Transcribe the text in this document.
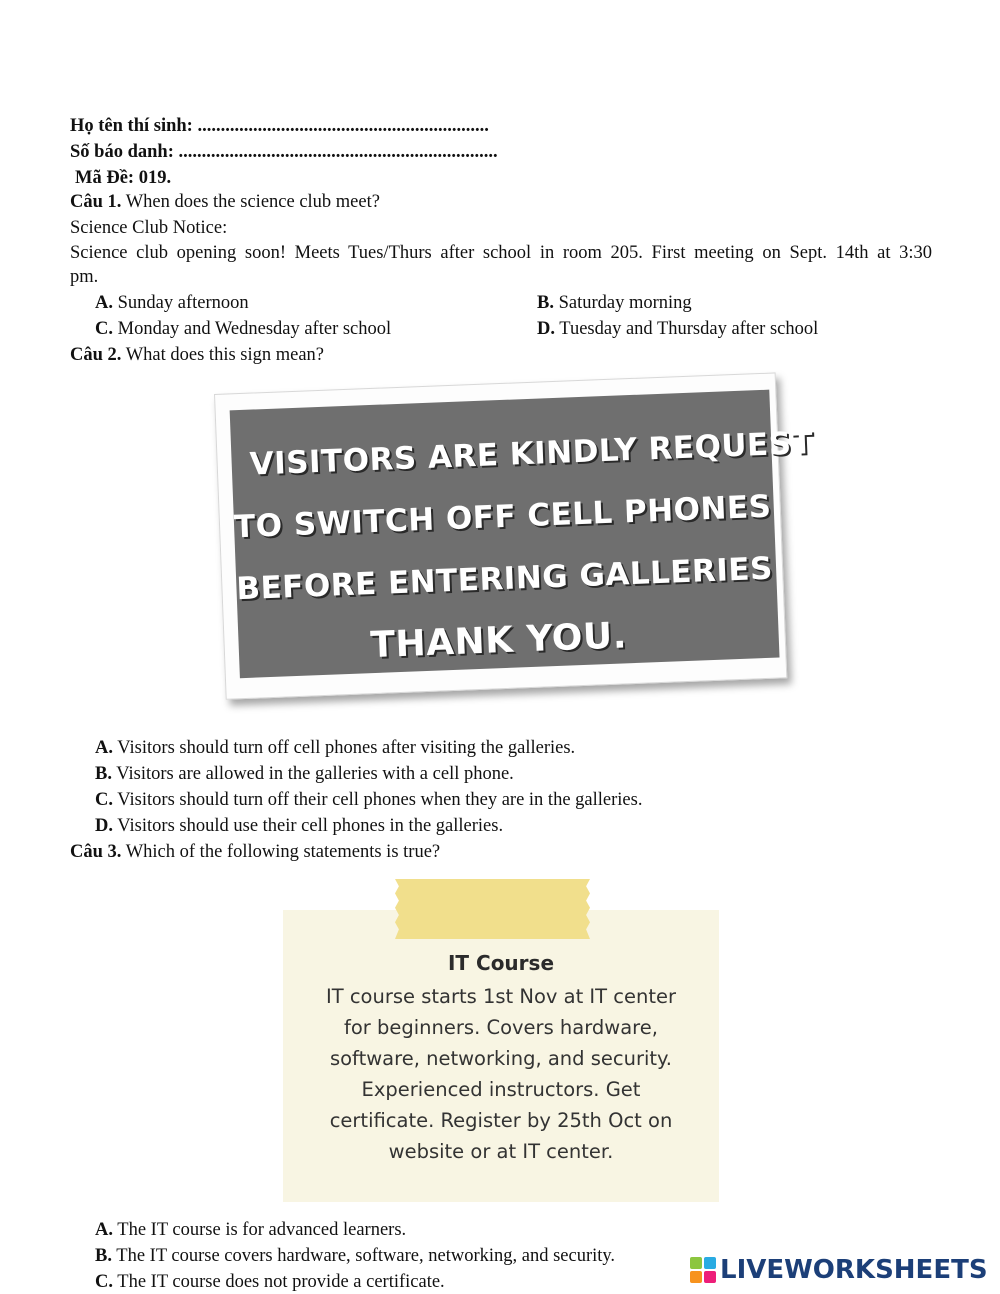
Họ tên thí sinh: ...............................................................
Số báo danh: .....................................................................
Mã Đề: 019.
Câu 1. When does the science club meet?
Science Club Notice:
Science club opening soon! Meets Tues/Thurs after school in room 205. First meeting on Sept. 14th at 3:30
pm.
A. Sunday afternoon	B. Saturday morning
C. Monday and Wednesday after school	D. Tuesday and Thursday after school
Câu 2. What does this sign mean?
VISITORS ARE KINDLY REQUEST
TO SWITCH OFF CELL PHONES
BEFORE ENTERING GALLERIES
THANK YOU.
A. Visitors should turn off cell phones after visiting the galleries.
B. Visitors are allowed in the galleries with a cell phone.
C. Visitors should turn off their cell phones when they are in the galleries.
D. Visitors should use their cell phones in the galleries.
Câu 3. Which of the following statements is true?
IT Course
IT course starts 1st Nov at IT center
for beginners. Covers hardware,
software, networking, and security.
Experienced instructors. Get
certificate. Register by 25th Oct on
website or at IT center.
A. The IT course is for advanced learners.
B. The IT course covers hardware, software, networking, and security.
C. The IT course does not provide a certificate.	LIVEWORKSHEETS
